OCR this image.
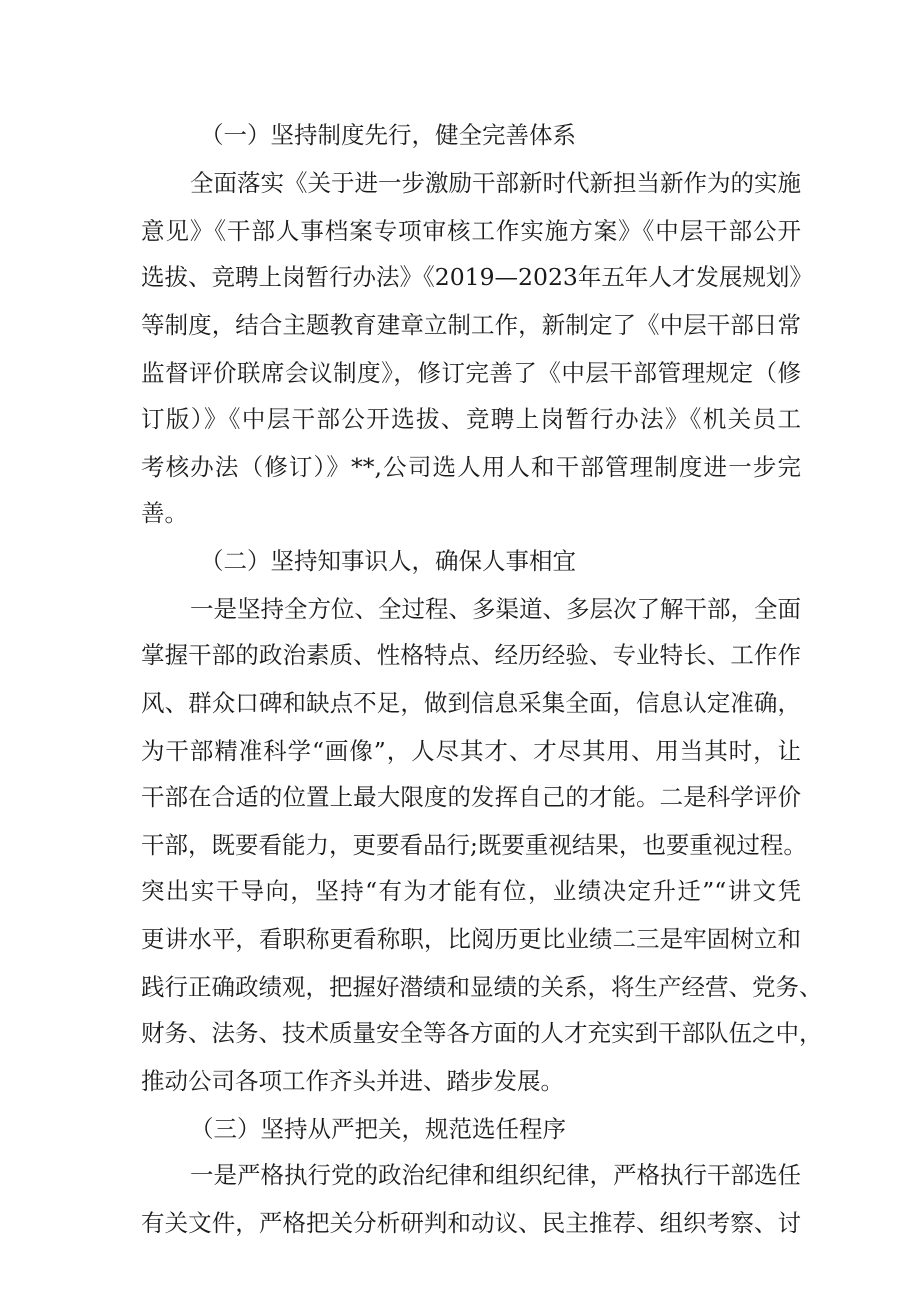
（一）坚持制度先行，健全完善体系
全面落实《关于进一步激励干部新时代新担当新作为的实施
意见》《干部人事档案专项审核工作实施方案》《中层干部公开
选拔、竞聘上岗暂行办法》《2019—2023年五年人才发展规划》
等制度，结合主题教育建章立制工作，新制定了《中层干部日常
监督评价联席会议制度》，修订完善了《中层干部管理规定（修
订版）》《中层干部公开选拔、竞聘上岗暂行办法》《机关员工
考核办法（修订）》**,公司选人用人和干部管理制度进一步完
善。
（二）坚持知事识人，确保人事相宜
一是坚持全方位、全过程、多渠道、多层次了解干部，全面
掌握干部的政治素质、性格特点、经历经验、专业特长、工作作
风、群众口碑和缺点不足，做到信息采集全面，信息认定准确，
为干部精准科学“画像”，人尽其才、才尽其用、用当其时，让
干部在合适的位置上最大限度的发挥自己的才能。二是科学评价
干部，既要看能力，更要看品行;既要重视结果，也要重视过程。
突出实干导向，坚持“有为才能有位，业绩决定升迁”“讲文凭
更讲水平，看职称更看称职，比阅历更比业绩二三是牢固树立和
践行正确政绩观，把握好潜绩和显绩的关系，将生产经营、党务、
财务、法务、技术质量安全等各方面的人才充实到干部队伍之中，
推动公司各项工作齐头并进、踏步发展。
（三）坚持从严把关，规范选任程序
一是严格执行党的政治纪律和组织纪律，严格执行干部选任
有关文件，严格把关分析研判和动议、民主推荐、组织考察、讨
